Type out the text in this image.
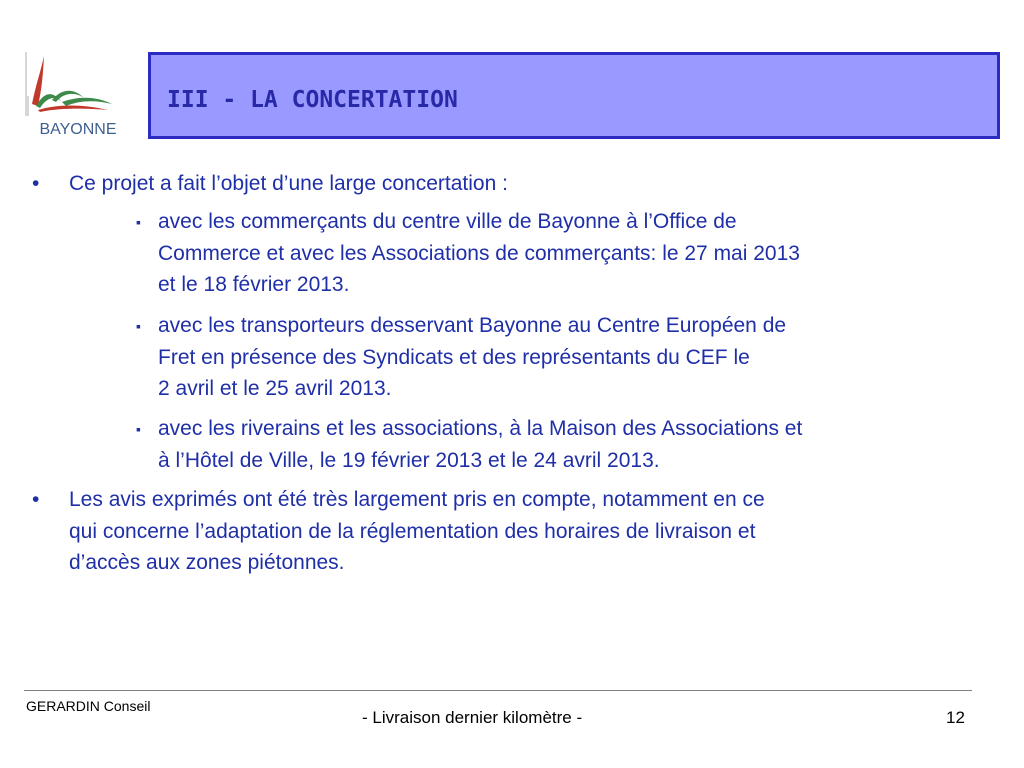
BAYONNE
III - LA CONCERTATION
• Ce projet a fait l’objet d’une large concertation :
▪ avec les commerçants du centre ville de Bayonne à l’Office de
Commerce et avec les Associations de commerçants: le 27 mai 2013
et le 18 février 2013.
▪ avec les transporteurs desservant Bayonne au Centre Européen de
Fret en présence des Syndicats et des représentants du CEF le
2 avril et le 25 avril 2013.
▪ avec les riverains et les associations, à la Maison des Associations et
à l’Hôtel de Ville, le 19 février 2013 et le 24 avril 2013.
• Les avis exprimés ont été très largement pris en compte, notamment en ce
qui concerne l’adaptation de la réglementation des horaires de livraison et
d’accès aux zones piétonnes.
GERARDIN Conseil
- Livraison dernier kilomètre -	12
